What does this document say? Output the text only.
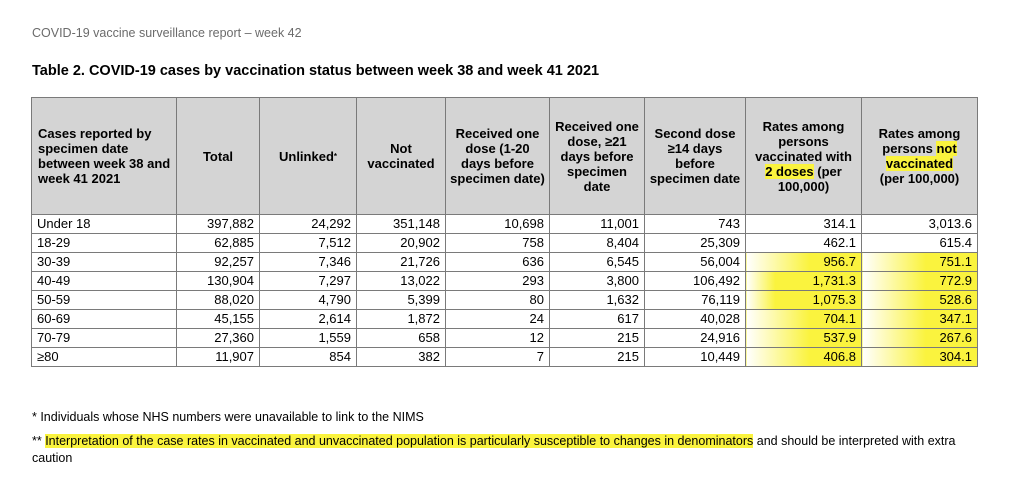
COVID-19 vaccine surveillance report – week 42
Table 2. COVID-19 cases by vaccination status between week 38 and week 41 2021
Cases reported by specimen date between week 38 and week 41 2021	Total	Unlinked*	Not vaccinated	Received one dose (1-20 days before specimen date)	Received one dose, ≥21 days before specimen date	Second dose ≥14 days before specimen date	Rates among persons vaccinated with 2 doses (per 100,000)	Rates among persons not
vaccinated
(per 100,000)
Under 18	397,882	24,292	351,148	10,698	11,001	743	314.1	3,013.6
18-29	62,885	7,512	20,902	758	8,404	25,309	462.1	615.4
30-39	92,257	7,346	21,726	636	6,545	56,004	956.7	751.1
40-49	130,904	7,297	13,022	293	3,800	106,492	1,731.3	772.9
50-59	88,020	4,790	5,399	80	1,632	76,119	1,075.3	528.6
60-69	45,155	2,614	1,872	24	617	40,028	704.1	347.1
70-79	27,360	1,559	658	12	215	24,916	537.9	267.6
≥80	11,907	854	382	7	215	10,449	406.8	304.1
* Individuals whose NHS numbers were unavailable to link to the NIMS
** Interpretation of the case rates in vaccinated and unvaccinated population is particularly susceptible to changes in denominators and should be interpreted with extra caution
